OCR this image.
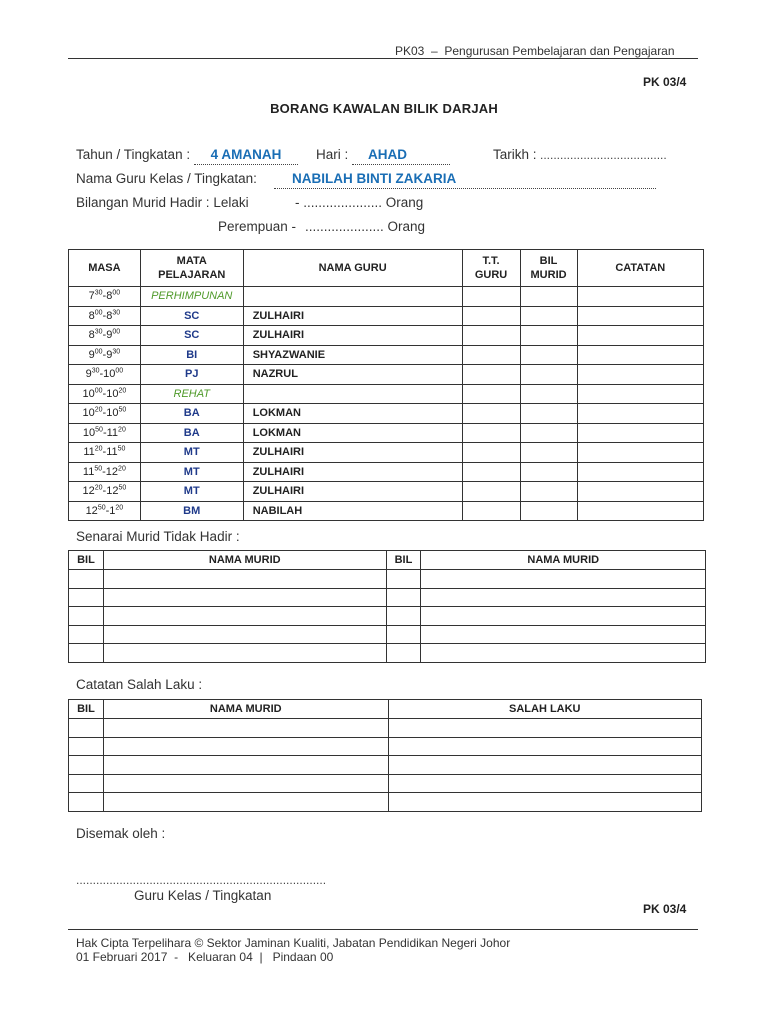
PK03  –  Pengurusan Pembelajaran dan Pengajaran
PK 03/4
BORANG KAWALAN BILIK DARJAH
Tahun / Tingkatan :	4 AMANAH	Hari :	AHAD	Tarikh : ......................................
Nama Guru Kelas / Tingkatan:	NABILAH BINTI ZAKARIA
Bilangan Murid Hadir : Lelaki	- ..................... Orang
Perempuan - ..................... Orang
MASA	MATA PELAJARAN	NAMA GURU	T.T. GURU	BIL MURID	CATATAN
$7^{30}-8^{00}$	PERHIMPUNAN				
$8^{00}-8^{30}$	SC	ZULHAIRI			
$8^{30}-9^{00}$	SC	ZULHAIRI			
$9^{00}-9^{30}$	BI	SHYAZWANIE			
$9^{30}-10^{00}$	PJ	NAZRUL			
$10^{00}-10^{20}$	REHAT				
$10^{20}-10^{50}$	BA	LOKMAN			
$10^{50}-11^{20}$	BA	LOKMAN			
$11^{20}-11^{50}$	MT	ZULHAIRI			
$11^{50}-12^{20}$	MT	ZULHAIRI			
$12^{20}-12^{50}$	MT	ZULHAIRI			
$12^{50}-1^{20}$	BM	NABILAH			
Senarai Murid Tidak Hadir :
BIL	NAMA MURID	BIL	NAMA MURID

Catatan Salah Laku :
BIL	NAMA MURID	SALAH LAKU

Disemak oleh :
...........................................................................
Guru Kelas / Tingkatan
PK 03/4
Hak Cipta Terpelihara © Sektor Jaminan Kualiti, Jabatan Pendidikan Negeri Johor
01 Februari 2017  -   Keluaran 04  |   Pindaan 00
